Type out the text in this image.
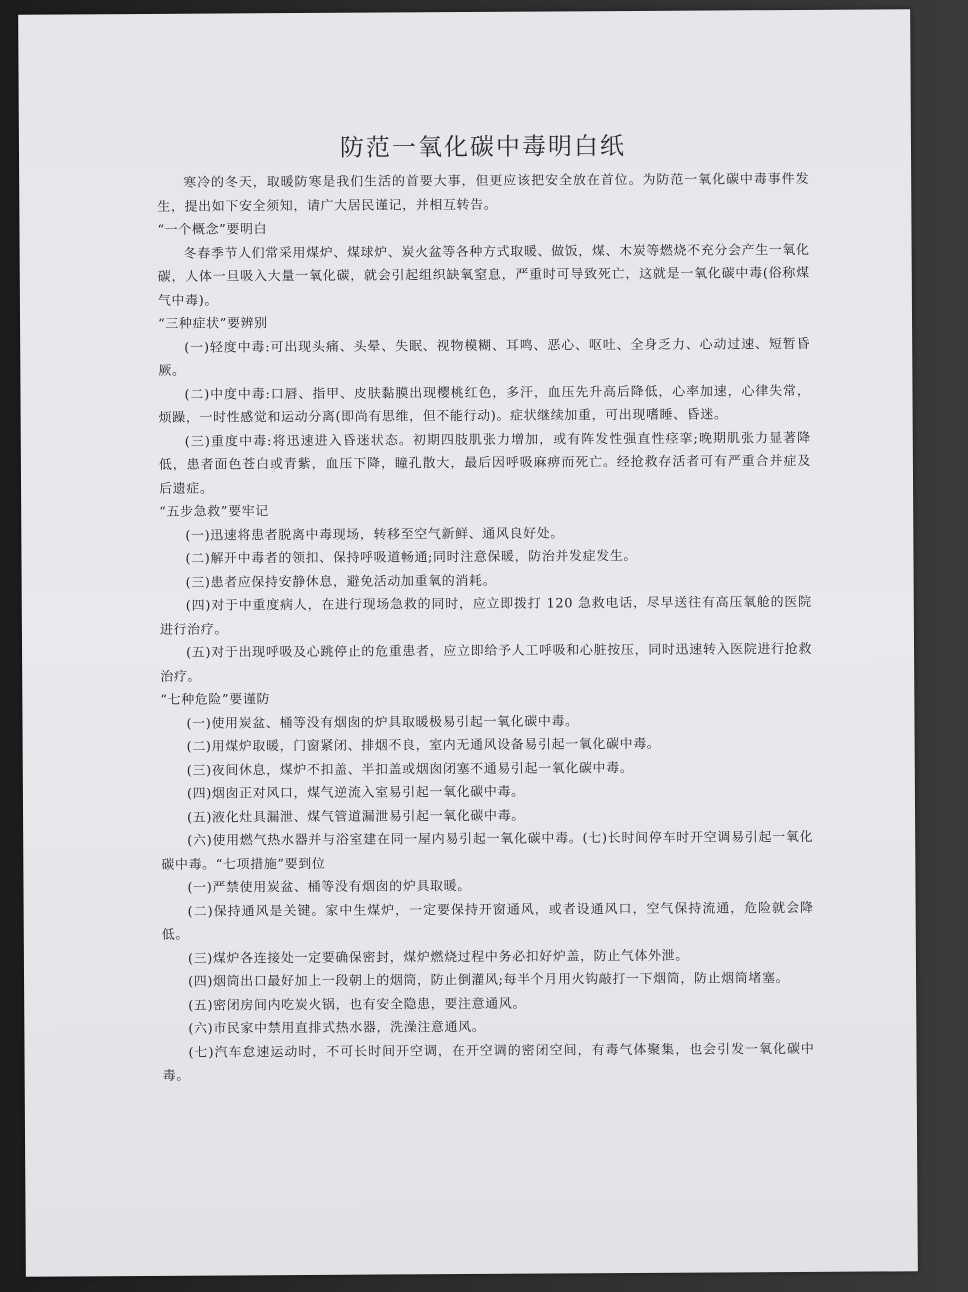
防范一氧化碳中毒明白纸

寒冷的冬天，取暖防寒是我们生活的首要大事，但更应该把安全放在首位。为防范一氧化碳中毒事件发生，提出如下安全须知，请广大居民谨记，并相互转告。

“一个概念”要明白

冬春季节人们常采用煤炉、煤球炉、炭火盆等各种方式取暖、做饭，煤、木炭等燃烧不充分会产生一氧化碳，人体一旦吸入大量一氧化碳，就会引起组织缺氧窒息，严重时可导致死亡，这就是一氧化碳中毒(俗称煤气中毒)。

“三种症状”要辨别

(一)轻度中毒:可出现头痛、头晕、失眠、视物模糊、耳鸣、恶心、呕吐、全身乏力、心动过速、短暂昏厥。

(二)中度中毒:口唇、指甲、皮肤黏膜出现樱桃红色，多汗，血压先升高后降低，心率加速，心律失常，烦躁，一时性感觉和运动分离(即尚有思维，但不能行动)。症状继续加重，可出现嗜睡、昏迷。

(三)重度中毒:将迅速进入昏迷状态。初期四肢肌张力增加，或有阵发性强直性痉挛;晚期肌张力显著降低，患者面色苍白或青紫，血压下降，瞳孔散大，最后因呼吸麻痹而死亡。经抢救存活者可有严重合并症及后遗症。

“五步急救”要牢记

(一)迅速将患者脱离中毒现场，转移至空气新鲜、通风良好处。

(二)解开中毒者的领扣、保持呼吸道畅通;同时注意保暖，防治并发症发生。

(三)患者应保持安静休息，避免活动加重氧的消耗。

(四)对于中重度病人，在进行现场急救的同时，应立即拨打 120 急救电话，尽早送往有高压氧舱的医院进行治疗。

(五)对于出现呼吸及心跳停止的危重患者，应立即给予人工呼吸和心脏按压，同时迅速转入医院进行抢救治疗。

“七种危险”要谨防

(一)使用炭盆、桶等没有烟囱的炉具取暖极易引起一氧化碳中毒。

(二)用煤炉取暖，门窗紧闭、排烟不良，室内无通风设备易引起一氧化碳中毒。

(三)夜间休息，煤炉不扣盖、半扣盖或烟囱闭塞不通易引起一氧化碳中毒。

(四)烟囱正对风口，煤气逆流入室易引起一氧化碳中毒。

(五)液化灶具漏泄、煤气管道漏泄易引起一氧化碳中毒。

(六)使用燃气热水器并与浴室建在同一屋内易引起一氧化碳中毒。(七)长时间停车时开空调易引起一氧化碳中毒。“七项措施”要到位

(一)严禁使用炭盆、桶等没有烟囱的炉具取暖。

(二)保持通风是关键。家中生煤炉，一定要保持开窗通风，或者设通风口，空气保持流通，危险就会降低。

(三)煤炉各连接处一定要确保密封，煤炉燃烧过程中务必扣好炉盖，防止气体外泄。

(四)烟筒出口最好加上一段朝上的烟筒，防止倒灌风;每半个月用火钩敲打一下烟筒，防止烟筒堵塞。

(五)密闭房间内吃炭火锅，也有安全隐患，要注意通风。

(六)市民家中禁用直排式热水器，洗澡注意通风。

(七)汽车怠速运动时，不可长时间开空调，在开空调的密闭空间，有毒气体聚集，也会引发一氧化碳中毒。
